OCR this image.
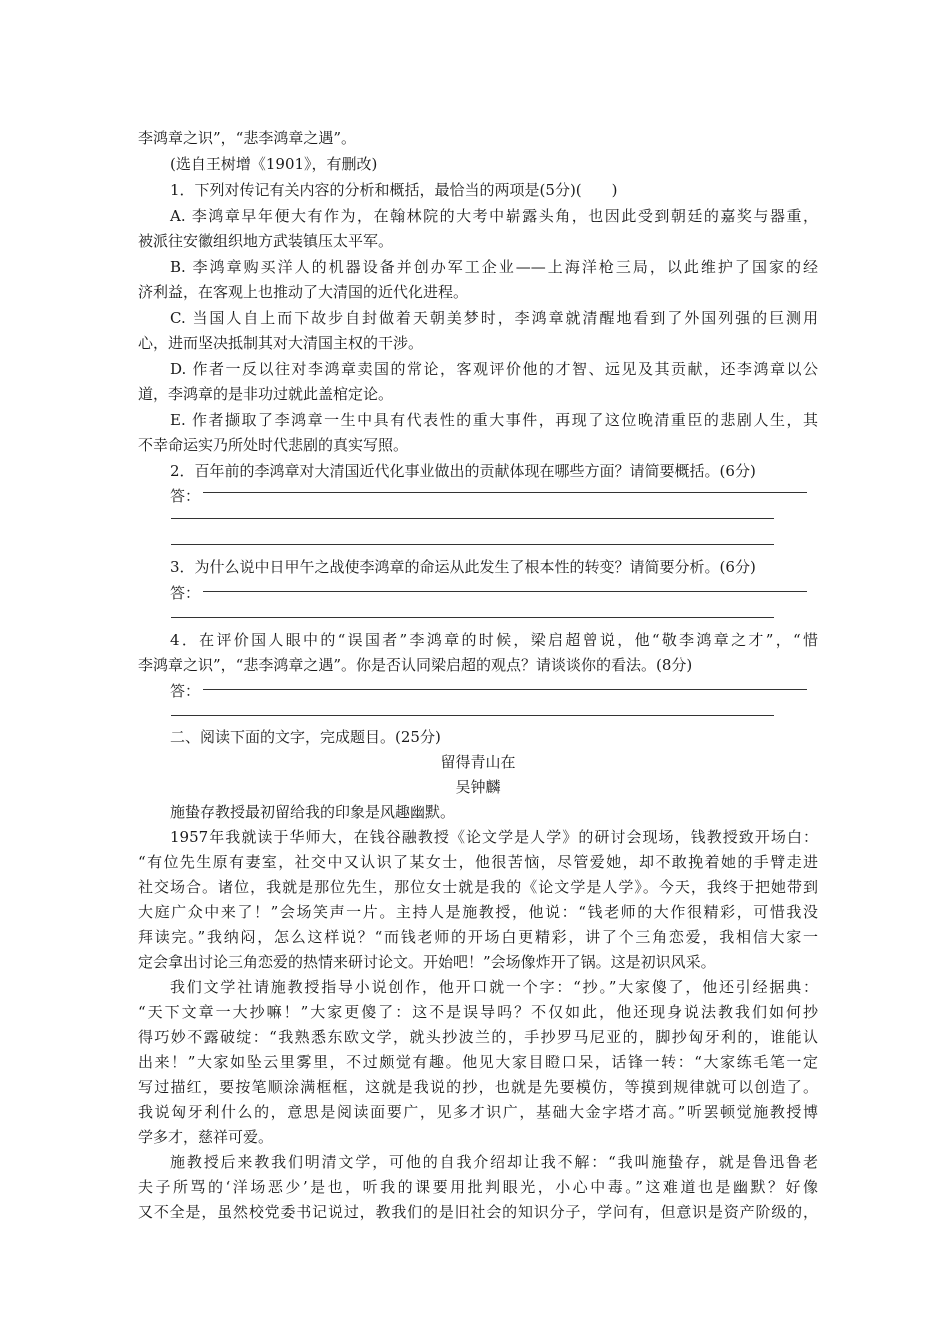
李鸿章之识”，“悲李鸿章之遇”。

(选自王树增《1901》，有删改)

1．下列对传记有关内容的分析和概括，最恰当的两项是(5分)(　　)

A. 李鸿章早年便大有作为，在翰林院的大考中崭露头角，也因此受到朝廷的嘉奖与器重，

被派往安徽组织地方武装镇压太平军。

B. 李鸿章购买洋人的机器设备并创办军工企业——上海洋枪三局，以此维护了国家的经

济利益，在客观上也推动了大清国的近代化进程。

C. 当国人自上而下故步自封做着天朝美梦时，李鸿章就清醒地看到了外国列强的巨测用

心，进而坚决抵制其对大清国主权的干涉。

D. 作者一反以往对李鸿章卖国的常论，客观评价他的才智、远见及其贡献，还李鸿章以公

道，李鸿章的是非功过就此盖棺定论。

E. 作者撷取了李鸿章一生中具有代表性的重大事件，再现了这位晚清重臣的悲剧人生，其

不幸命运实乃所处时代悲剧的真实写照。

2．百年前的李鸿章对大清国近代化事业做出的贡献体现在哪些方面？请简要概括。(6分)

答：

3．为什么说中日甲午之战使李鸿章的命运从此发生了根本性的转变？请简要分析。(6分)

答：

4．在评价国人眼中的“误国者”李鸿章的时候，梁启超曾说，他“敬李鸿章之才”，“惜

李鸿章之识”，“悲李鸿章之遇”。你是否认同梁启超的观点？请谈谈你的看法。(8分)

答：

二、阅读下面的文字，完成题目。(25分)

留得青山在

吴钟麟

施蛰存教授最初留给我的印象是风趣幽默。

1957年我就读于华师大，在钱谷融教授《论文学是人学》的研讨会现场，钱教授致开场白：

“有位先生原有妻室，社交中又认识了某女士，他很苦恼，尽管爱她，却不敢挽着她的手臂走进

社交场合。诸位，我就是那位先生，那位女士就是我的《论文学是人学》。今天，我终于把她带到

大庭广众中来了！”会场笑声一片。主持人是施教授，他说：“钱老师的大作很精彩，可惜我没

拜读完。”我纳闷，怎么这样说？“而钱老师的开场白更精彩，讲了个三角恋爱，我相信大家一

定会拿出讨论三角恋爱的热情来研讨论文。开始吧！”会场像炸开了锅。这是初识风采。

我们文学社请施教授指导小说创作，他开口就一个字：“抄。”大家傻了，他还引经据典：

“天下文章一大抄嘛！”大家更傻了：这不是误导吗？不仅如此，他还现身说法教我们如何抄

得巧妙不露破绽：“我熟悉东欧文学，就头抄波兰的，手抄罗马尼亚的，脚抄匈牙利的，谁能认

出来！”大家如坠云里雾里，不过颇觉有趣。他见大家目瞪口呆，话锋一转：“大家练毛笔一定

写过描红，要按笔顺涂满框框，这就是我说的抄，也就是先要模仿，等摸到规律就可以创造了。

我说匈牙利什么的，意思是阅读面要广，见多才识广，基础大金字塔才高。”听罢顿觉施教授博

学多才，慈祥可爱。

施教授后来教我们明清文学，可他的自我介绍却让我不解：“我叫施蛰存，就是鲁迅鲁老

夫子所骂的‘洋场恶少’是也，听我的课要用批判眼光，小心中毒。”这难道也是幽默？好像

又不全是，虽然校党委书记说过，教我们的是旧社会的知识分子，学问有，但意识是资产阶级的，
